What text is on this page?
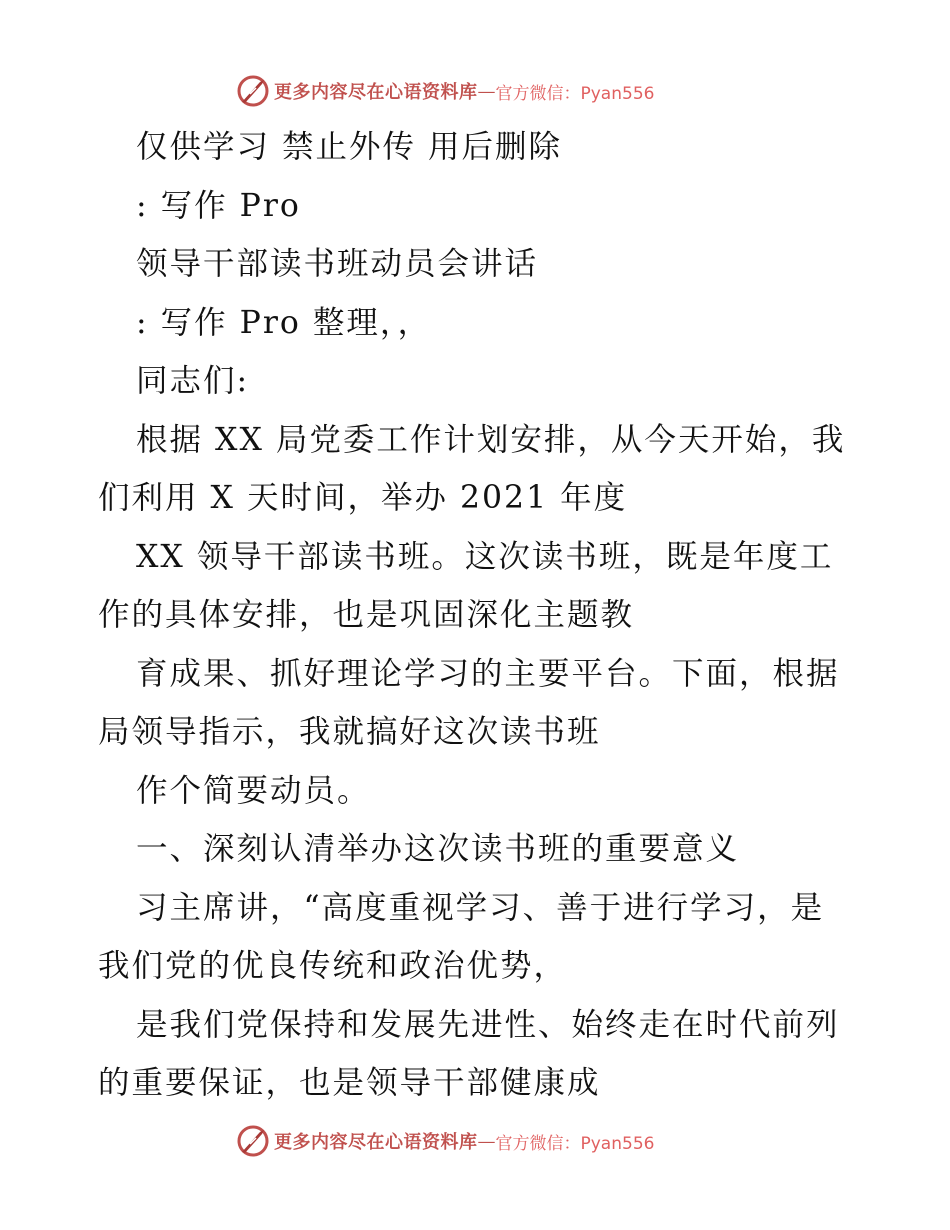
更多内容尽在心语资料库 — 官方微信：Pyan556
仅供学习 禁止外传 用后删除
: 写作 Pro
领导干部读书班动员会讲话
: 写作 Pro 整理，，
同志们:
根据 XX 局党委工作计划安排，从今天开始，我
们利用 X 天时间，举办 2021 年度
XX 领导干部读书班。这次读书班，既是年度工
作的具体安排，也是巩固深化主题教
育成果、抓好理论学习的主要平台。下面，根据
局领导指示，我就搞好这次读书班
作个简要动员。
一、深刻认清举办这次读书班的重要意义
习主席讲，“高度重视学习、善于进行学习，是
我们党的优良传统和政治优势，
是我们党保持和发展先进性、始终走在时代前列
的重要保证，也是领导干部健康成
更多内容尽在心语资料库 — 官方微信：Pyan556
